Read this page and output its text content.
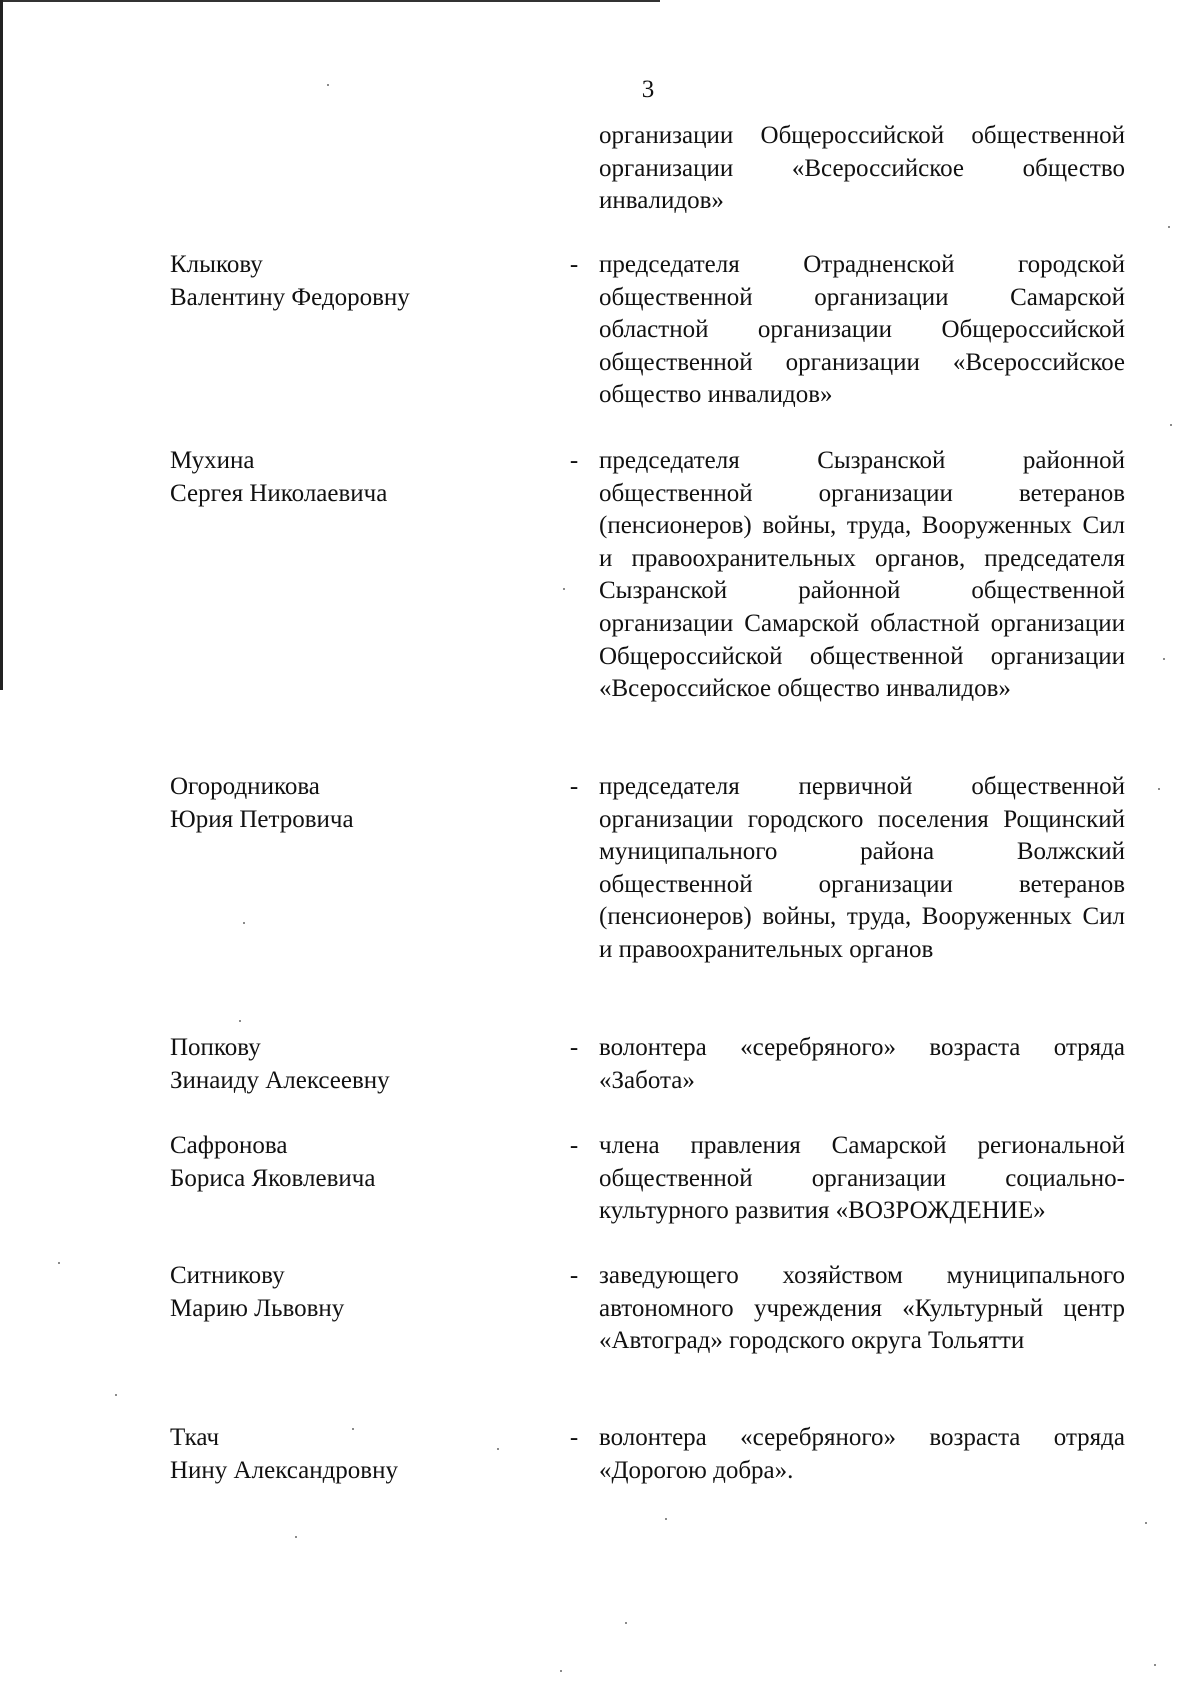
3
организации Общероссийской общественной организации «Всероссийское общество инвалидов»
Клыкову
Валентину Федоровну
- председателя Отрадненской городской общественной организации Самарской областной организации Общероссийской общественной организации «Всероссийское общество инвалидов»
Мухина
Сергея Николаевича
- председателя Сызранской районной общественной организации ветеранов (пенсионеров) войны, труда, Вооруженных Сил и правоохранительных органов, председателя Сызранской районной общественной организации Самарской областной организации Общероссийской общественной организации «Всероссийское общество инвалидов»
Огородникова
Юрия Петровича
- председателя первичной общественной организации городского поселения Рощинский муниципального района Волжский общественной организации ветеранов (пенсионеров) войны, труда, Вооруженных Сил и правоохранительных органов
Попкову
Зинаиду Алексеевну
- волонтера «серебряного» возраста отряда «Забота»
Сафронова
Бориса Яковлевича
- члена правления Самарской региональной общественной организации социально-культурного развития «ВОЗРОЖДЕНИЕ»
Ситникову
Марию Львовну
- заведующего хозяйством муниципального автономного учреждения «Культурный центр «Автоград» городского округа Тольятти
Ткач
Нину Александровну
- волонтера «серебряного» возраста отряда «Дорогою добра».
